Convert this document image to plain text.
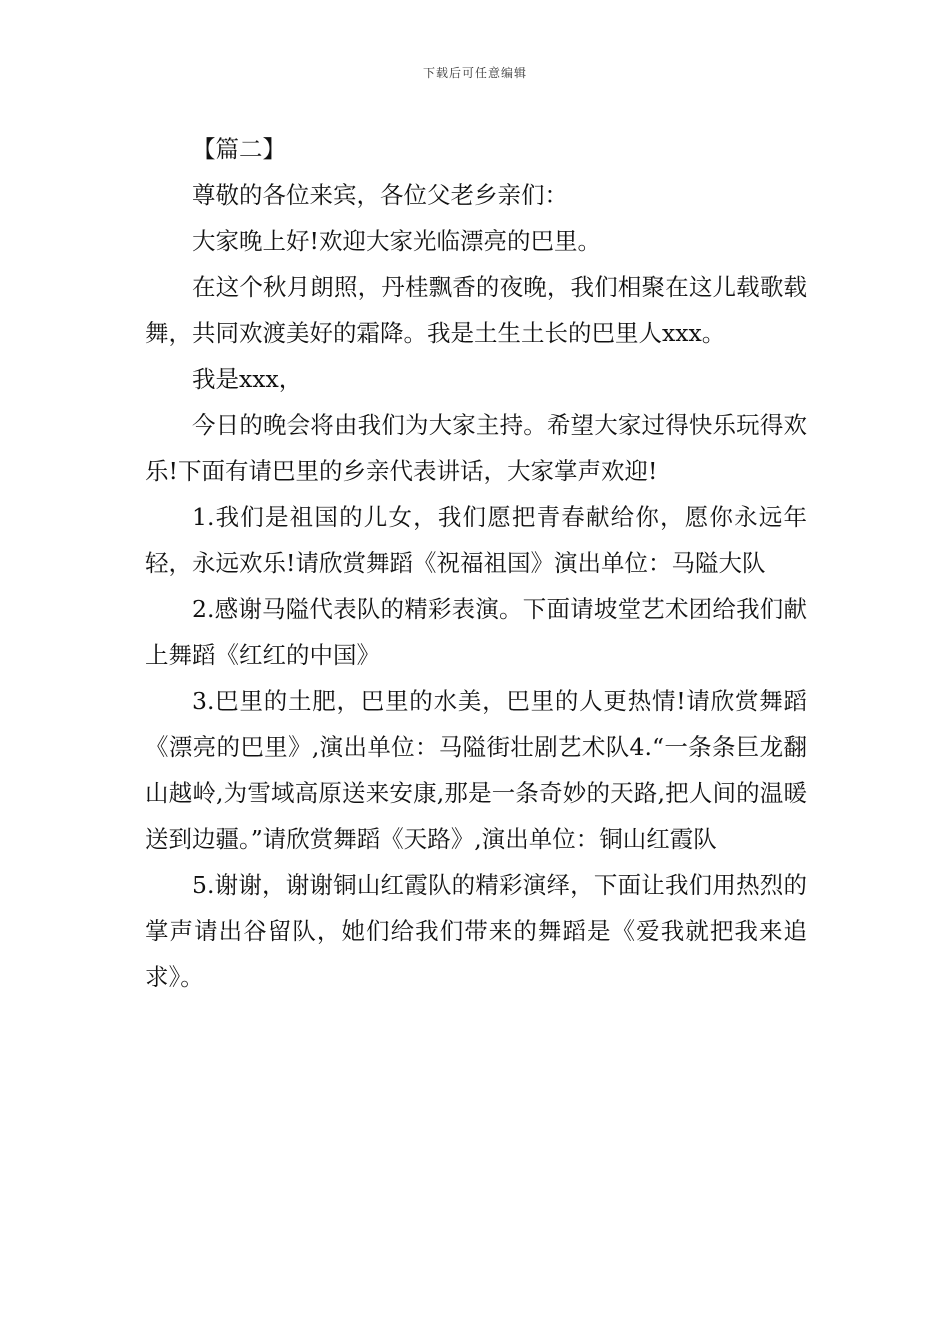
下载后可任意编辑

【篇二】

尊敬的各位来宾，各位父老乡亲们：

大家晚上好!欢迎大家光临漂亮的巴里。

在这个秋月朗照，丹桂飘香的夜晚，我们相聚在这儿载歌载舞，共同欢渡美好的霜降。我是土生土长的巴里人xxx。

我是xxx，

今日的晚会将由我们为大家主持。希望大家过得快乐玩得欢乐!下面有请巴里的乡亲代表讲话，大家掌声欢迎!

1.我们是祖国的儿女，我们愿把青春献给你，愿你永远年轻，永远欢乐!请欣赏舞蹈《祝福祖国》演出单位：马隘大队

2.感谢马隘代表队的精彩表演。下面请坡堂艺术团给我们献上舞蹈《红红的中国》

3.巴里的土肥，巴里的水美，巴里的人更热情!请欣赏舞蹈《漂亮的巴里》,演出单位：马隘街壮剧艺术队4.“一条条巨龙翻山越岭,为雪域高原送来安康,那是一条奇妙的天路,把人间的温暖送到边疆。”请欣赏舞蹈《天路》,演出单位：铜山红霞队

5.谢谢，谢谢铜山红霞队的精彩演绎，下面让我们用热烈的掌声请出谷留队，她们给我们带来的舞蹈是《爱我就把我来追求》。
